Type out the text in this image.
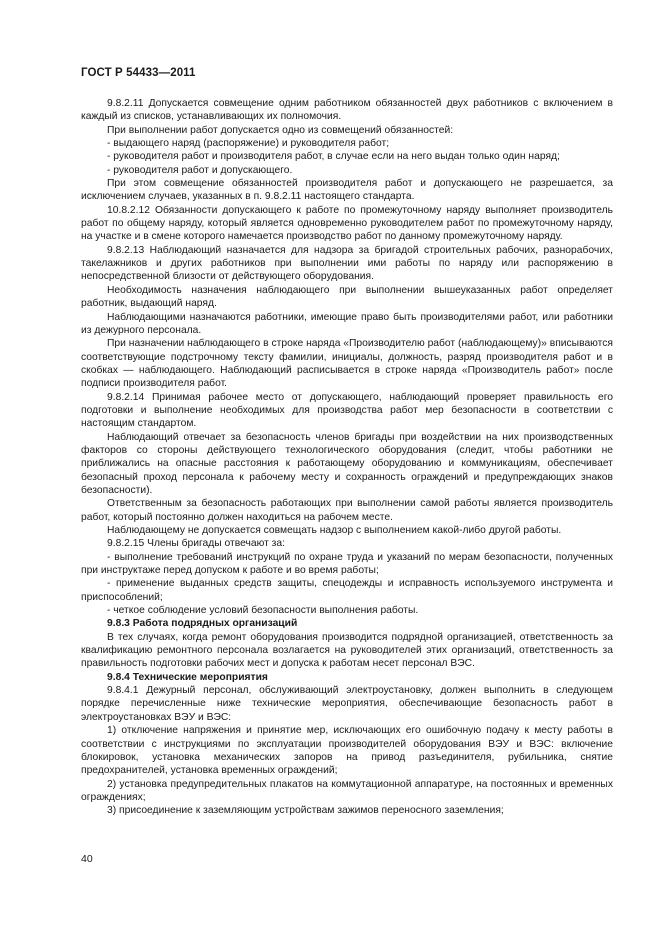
ГОСТ Р 54433—2011

9.8.2.11 Допускается совмещение одним работником обязанностей двух работников с включением в каждый из списков, устанавливающих их полномочия.

При выполнении работ допускается одно из совмещений обязанностей:

- выдающего наряд (распоряжение) и руководителя работ;

- руководителя работ и производителя работ, в случае если на него выдан только один наряд;

- руководителя работ и допускающего.

При этом совмещение обязанностей производителя работ и допускающего не разрешается, за исключением случаев, указанных в п. 9.8.2.11 настоящего стандарта.

10.8.2.12 Обязанности допускающего к работе по промежуточному наряду выполняет производитель работ по общему наряду, который является одновременно руководителем работ по промежуточному наряду, на участке и в смене которого намечается производство работ по данному промежуточному наряду.

9.8.2.13 Наблюдающий назначается для надзора за бригадой строительных рабочих, разнорабочих, такелажников и других работников при выполнении ими работы по наряду или распоряжению в непосредственной близости от действующего оборудования.

Необходимость назначения наблюдающего при выполнении вышеуказанных работ определяет работник, выдающий наряд.

Наблюдающими назначаются работники, имеющие право быть производителями работ, или работники из дежурного персонала.

При назначении наблюдающего в строке наряда «Производителю работ (наблюдающему)» вписываются соответствующие подстрочному тексту фамилии, инициалы, должность, разряд производителя работ и в скобках — наблюдающего. Наблюдающий расписывается в строке наряда «Производитель работ» после подписи производителя работ.

9.8.2.14 Принимая рабочее место от допускающего, наблюдающий проверяет правильность его подготовки и выполнение необходимых для производства работ мер безопасности в соответствии с настоящим стандартом.

Наблюдающий отвечает за безопасность членов бригады при воздействии на них производственных факторов со стороны действующего технологического оборудования (следит, чтобы работники не приближались на опасные расстояния к работающему оборудованию и коммуникациям, обеспечивает безопасный проход персонала к рабочему месту и сохранность ограждений и предупреждающих знаков безопасности).

Ответственным за безопасность работающих при выполнении самой работы является производитель работ, который постоянно должен находиться на рабочем месте.

Наблюдающему не допускается совмещать надзор с выполнением какой-либо другой работы.

9.8.2.15 Члены бригады отвечают за:

- выполнение требований инструкций по охране труда и указаний по мерам безопасности, полученных при инструктаже перед допуском к работе и во время работы;

- применение выданных средств защиты, спецодежды и исправность используемого инструмента и приспособлений;

- четкое соблюдение условий безопасности выполнения работы.

9.8.3 Работа подрядных организаций

В тех случаях, когда ремонт оборудования производится подрядной организацией, ответственность за квалификацию ремонтного персонала возлагается на руководителей этих организаций, ответственность за правильность подготовки рабочих мест и допуска к работам несет персонал ВЭС.

9.8.4 Технические мероприятия

9.8.4.1 Дежурный персонал, обслуживающий электроустановку, должен выполнить в следующем порядке перечисленные ниже технические мероприятия, обеспечивающие безопасность работ в электроустановках ВЭУ и ВЭС:

1) отключение напряжения и принятие мер, исключающих его ошибочную подачу к месту работы в соответствии с инструкциями по эксплуатации производителей оборудования ВЭУ и ВЭС: включение блокировок, установка механических запоров на привод разъединителя, рубильника, снятие предохранителей, установка временных ограждений;

2) установка предупредительных плакатов на коммутационной аппаратуре, на постоянных и временных ограждениях;

3) присоединение к заземляющим устройствам зажимов переносного заземления;

40
